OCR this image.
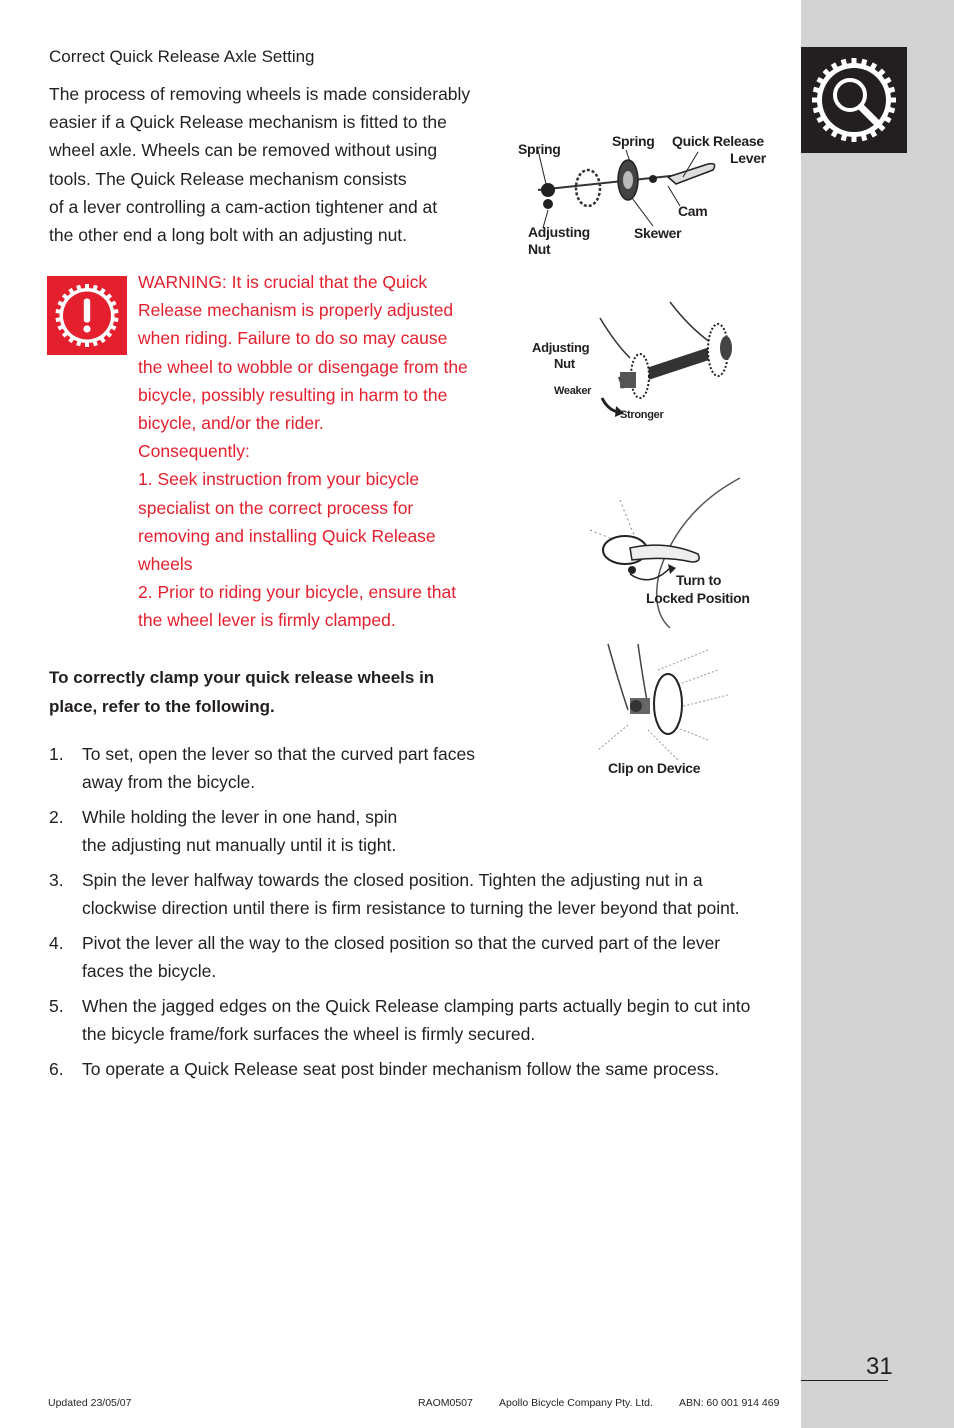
31
Correct Quick Release Axle Setting
The process of removing wheels is made considerably
easier if a Quick Release mechanism is fitted to the
wheel axle. Wheels can be removed without using
tools. The Quick Release mechanism consists
of a lever controlling a cam-action tightener and at
the other end a long bolt with an adjusting nut.
WARNING: It is crucial that the Quick
Release mechanism is properly adjusted
when riding. Failure to do so may cause
the wheel to wobble or disengage from the
bicycle, possibly resulting in harm to the
bicycle, and/or the rider.
Consequently:
1. Seek instruction from your bicycle
specialist on the correct process for
removing and installing Quick Release
wheels
2. Prior to riding your bicycle, ensure that
the wheel lever is firmly clamped.
To correctly clamp your quick release wheels in
place, refer to the following.
1. To set, open the lever so that the curved part faces
away from the bicycle.
2. While holding the lever in one hand, spin
the adjusting nut manually until it is tight.
3. Spin the lever halfway towards the closed position. Tighten the adjusting nut in a
clockwise direction until there is firm resistance to turning the lever beyond that point.
4. Pivot the lever all the way to the closed position so that the curved part of the lever
faces the bicycle.
5. When the jagged edges on the Quick Release clamping parts actually begin to cut into
the bicycle frame/fork surfaces the wheel is firmly secured.
6. To operate a Quick Release seat post binder mechanism follow the same process.
Spring	Spring Quick Release
Lever
Cam
Adjusting
Nut
Skewer
Adjusting
Nut
Weaker
Stronger
Turn to
Locked Position
Clip on Device
Updated 23/05/07	RAOM0507 Apollo Bicycle Company Pty. Ltd. ABN: 60 001 914 469
